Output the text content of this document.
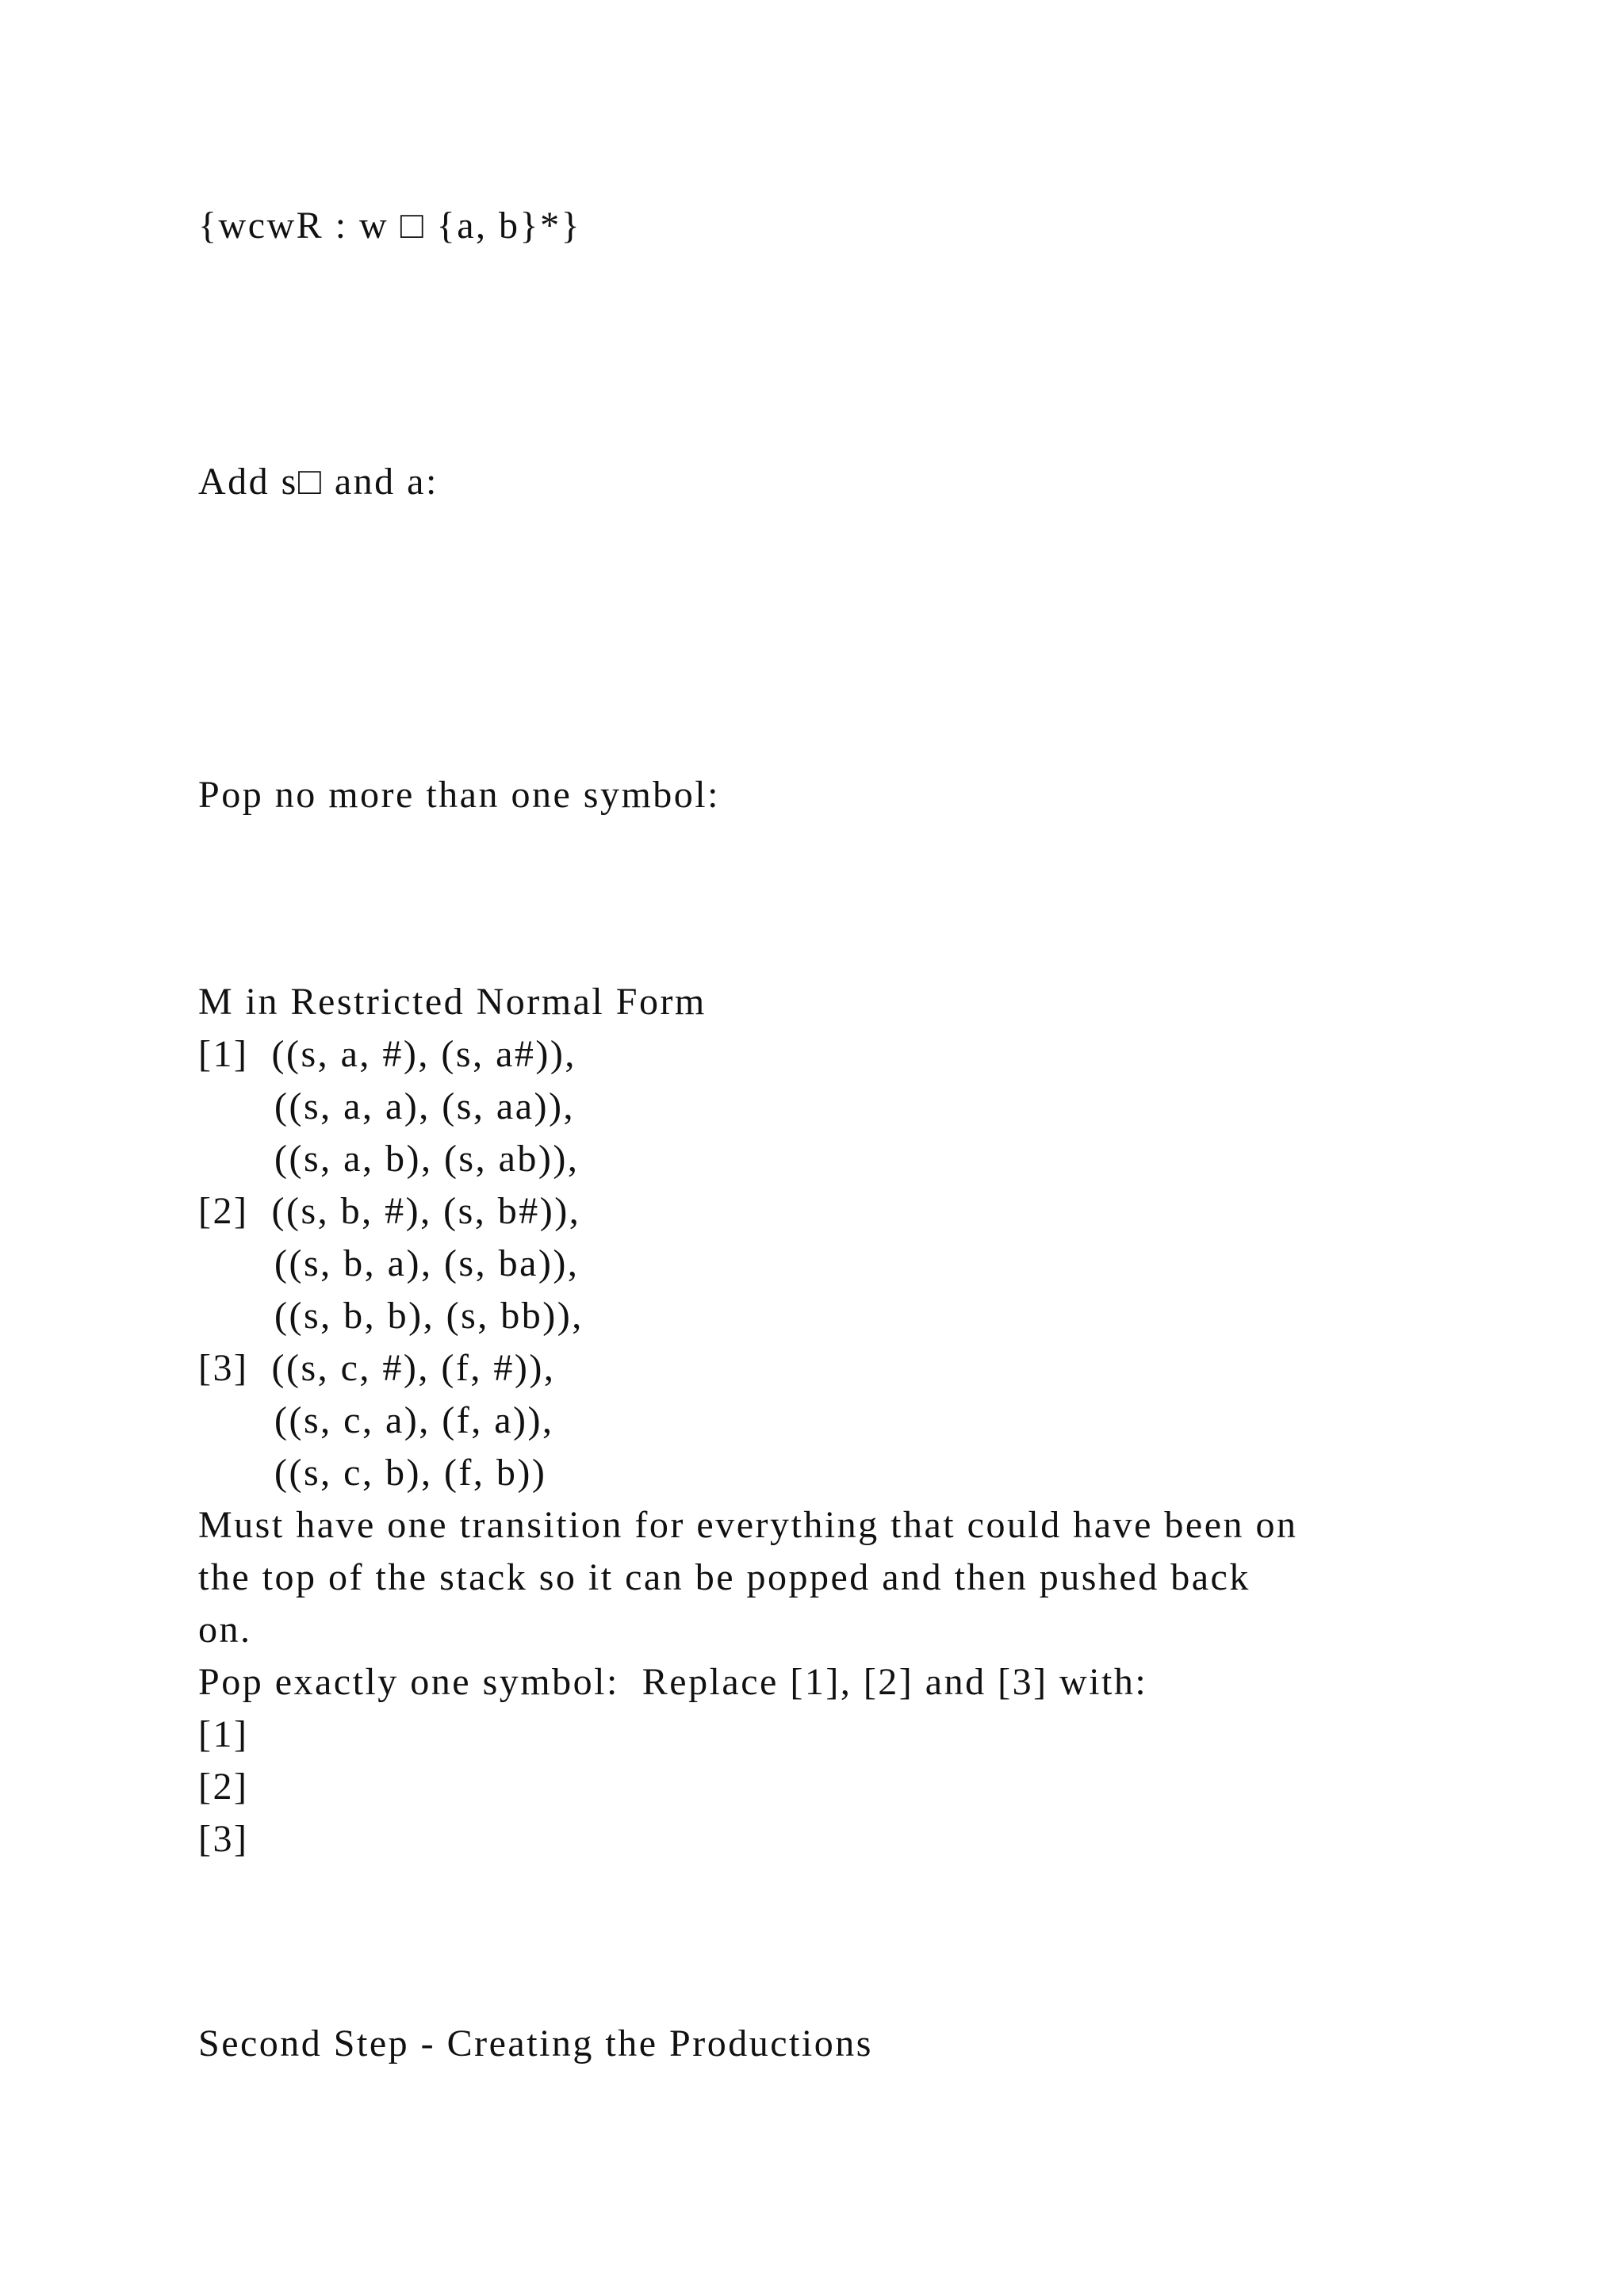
{wcwR : w □ {a, b}*}
Add s□ and a:
Pop no more than one symbol:
M in Restricted Normal Form
[1]  ((s, a, #), (s, a#)),
((s, a, a), (s, aa)),
((s, a, b), (s, ab)),
[2]  ((s, b, #), (s, b#)),
((s, b, a), (s, ba)),
((s, b, b), (s, bb)),
[3]  ((s, c, #), (f, #)),
((s, c, a), (f, a)),
((s, c, b), (f, b))
Must have one transition for everything that could have been on
the top of the stack so it can be popped and then pushed back
on.
Pop exactly one symbol:  Replace [1], [2] and [3] with:
[1]
[2]
[3]
Second Step - Creating the Productions
